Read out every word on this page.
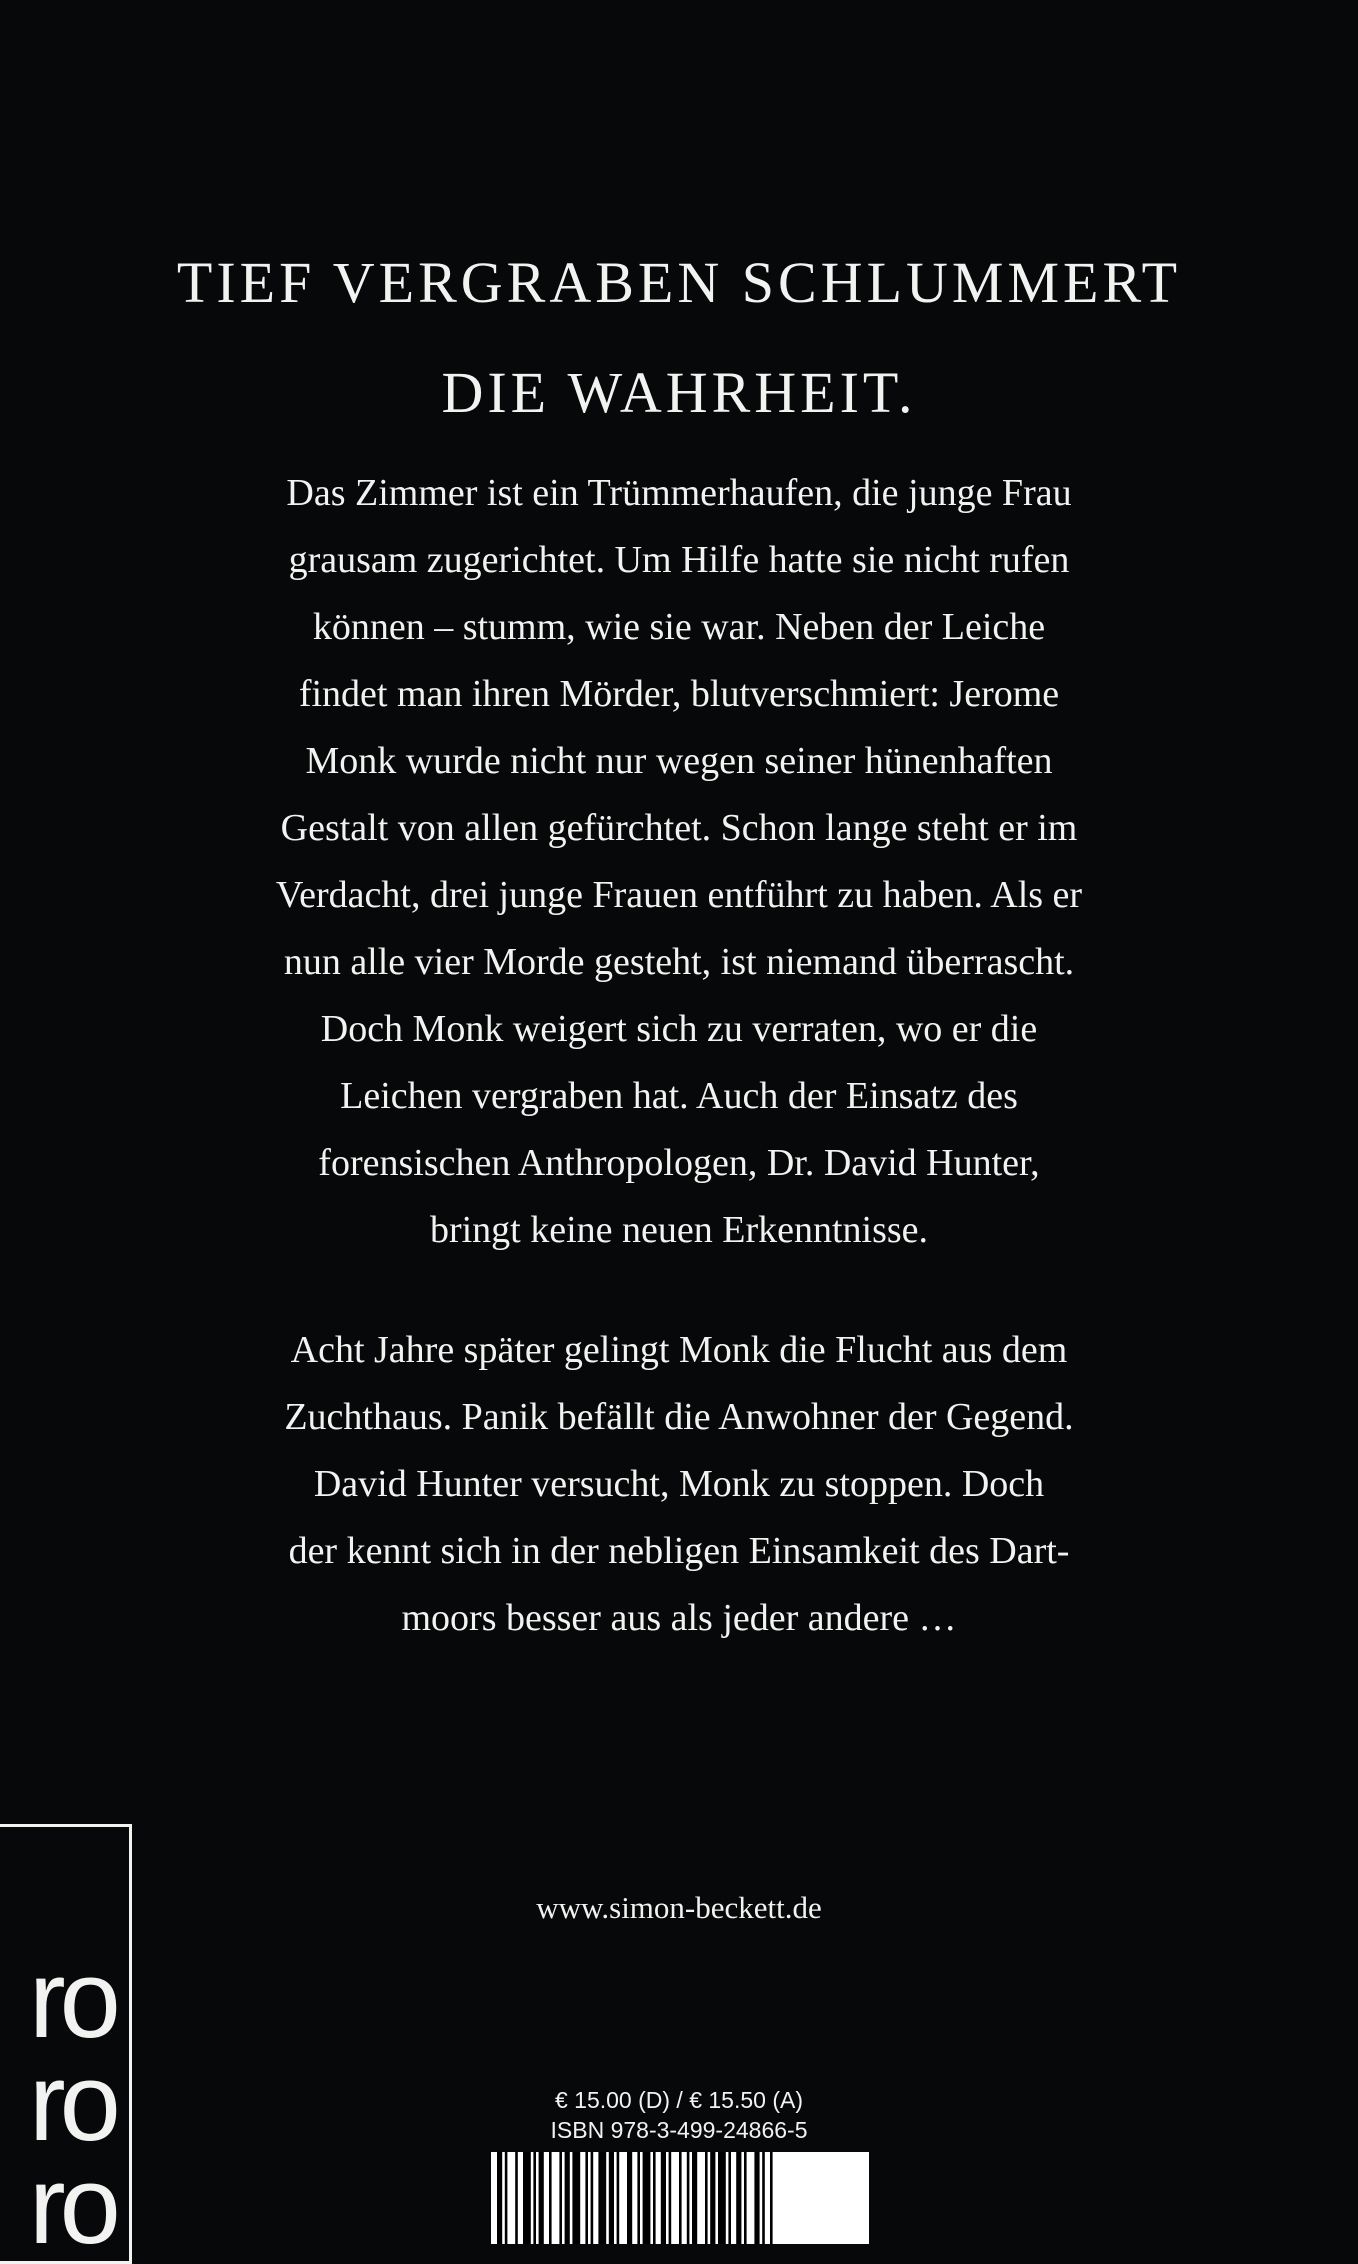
TIEF VERGRABEN SCHLUMMERT
DIE WAHRHEIT.

Das Zimmer ist ein Trümmerhaufen, die junge Frau
grausam zugerichtet. Um Hilfe hatte sie nicht rufen
können – stumm, wie sie war. Neben der Leiche
findet man ihren Mörder, blutverschmiert: Jerome
Monk wurde nicht nur wegen seiner hünenhaften
Gestalt von allen gefürchtet. Schon lange steht er im
Verdacht, drei junge Frauen entführt zu haben. Als er
nun alle vier Morde gesteht, ist niemand überrascht.
Doch Monk weigert sich zu verraten, wo er die
Leichen vergraben hat. Auch der Einsatz des
forensischen Anthropologen, Dr. David Hunter,
bringt keine neuen Erkenntnisse.

Acht Jahre später gelingt Monk die Flucht aus dem
Zuchthaus. Panik befällt die Anwohner der Gegend.
David Hunter versucht, Monk zu stoppen. Doch
der kennt sich in der nebligen Einsamkeit des Dart-
moors besser aus als jeder andere …

www.simon-beckett.de
ro
ro
ro
€ 15.00 (D) / € 15.50 (A)
ISBN 978-3-499-24866-5
